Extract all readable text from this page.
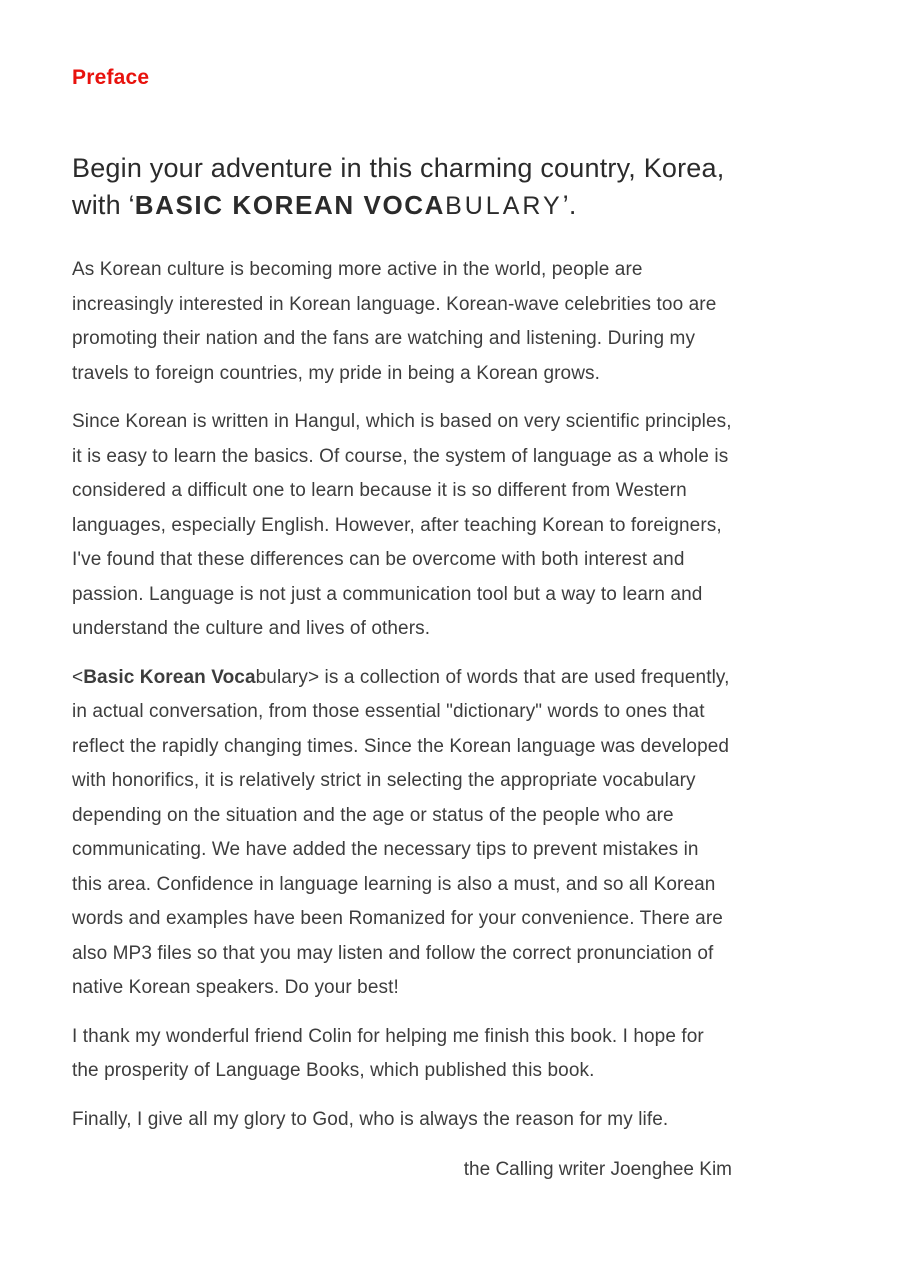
Preface
Begin your adventure in this charming country, Korea,
with ‘BASIC KOREAN VOCABULARY’.

As Korean culture is becoming more active in the world, people are increasingly interested in Korean language. Korean-wave celebrities too are promoting their nation and the fans are watching and listening. During my travels to foreign countries, my pride in being a Korean grows.

Since Korean is written in Hangul, which is based on very scientific principles, it is easy to learn the basics. Of course, the system of language as a whole is considered a difficult one to learn because it is so different from Western languages, especially English. However, after teaching Korean to foreigners, I've found that these differences can be overcome with both interest and passion. Language is not just a communication tool but a way to learn and understand the culture and lives of others.

<Basic Korean Vocabulary> is a collection of words that are used frequently, in actual conversation, from those essential "dictionary" words to ones that reflect the rapidly changing times. Since the Korean language was developed with honorifics, it is relatively strict in selecting the appropriate vocabulary depending on the situation and the age or status of the people who are communicating. We have added the necessary tips to prevent mistakes in this area. Confidence in language learning is also a must, and so all Korean words and examples have been Romanized for your convenience. There are also MP3 files so that you may listen and follow the correct pronunciation of native Korean speakers. Do your best!

I thank my wonderful friend Colin for helping me finish this book. I hope for the prosperity of Language Books, which published this book.

Finally, I give all my glory to God, who is always the reason for my life.

the Calling writer Joenghee Kim
